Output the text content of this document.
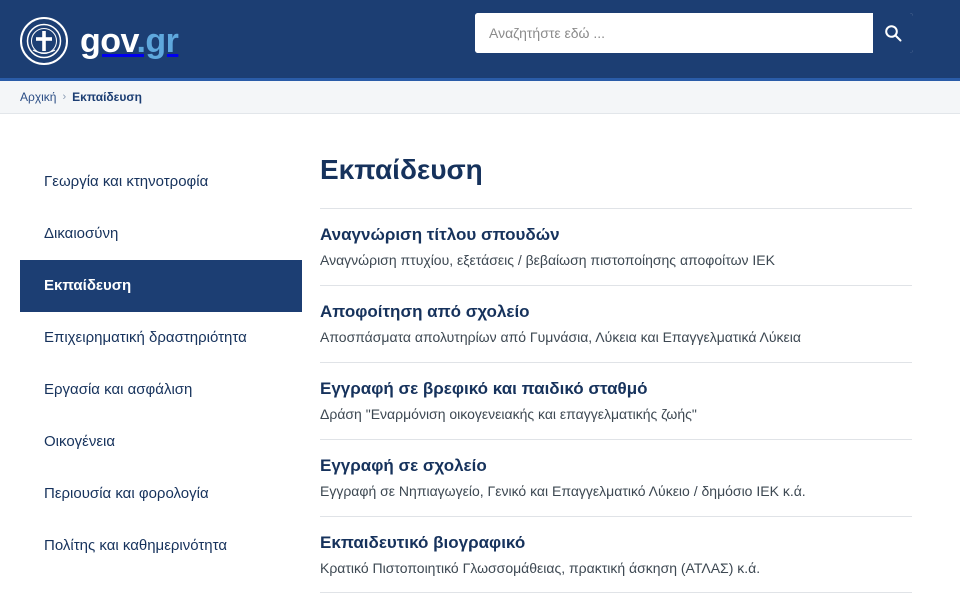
gov.gr
Αναζητήστε εδώ ...
Αρχική › Εκπαίδευση
Γεωργία και κτηνοτροφία
Δικαιοσύνη
Εκπαίδευση
Επιχειρηματική δραστηριότητα
Εργασία και ασφάλιση
Οικογένεια
Περιουσία και φορολογία
Πολίτης και καθημερινότητα
Εκπαίδευση
Αναγνώριση τίτλου σπουδών
Αναγνώριση πτυχίου, εξετάσεις / βεβαίωση πιστοποίησης αποφοίτων ΙΕΚ
Αποφοίτηση από σχολείο
Αποσπάσματα απολυτηρίων από Γυμνάσια, Λύκεια και Επαγγελματικά Λύκεια
Εγγραφή σε βρεφικό και παιδικό σταθμό
Δράση "Εναρμόνιση οικογενειακής και επαγγελματικής ζωής"
Εγγραφή σε σχολείο
Εγγραφή σε Νηπιαγωγείο, Γενικό και Επαγγελματικό Λύκειο / δημόσιο ΙΕΚ κ.ά.
Εκπαιδευτικό βιογραφικό
Κρατικό Πιστοποιητικό Γλωσσομάθειας, πρακτική άσκηση (ΑΤΛΑΣ) κ.ά.
